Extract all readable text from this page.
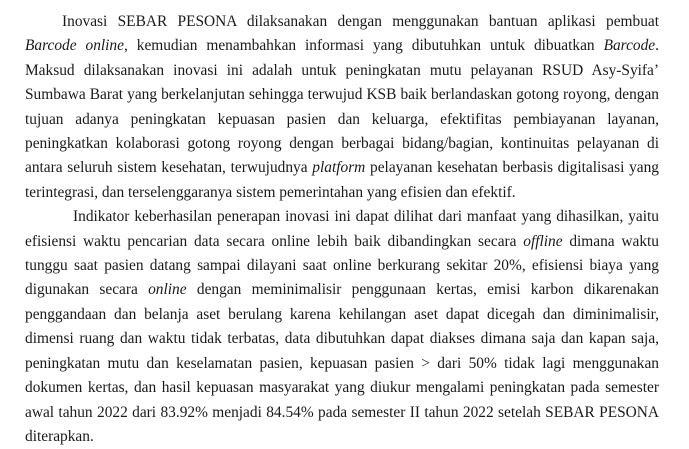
Inovasi SEBAR PESONA dilaksanakan dengan menggunakan bantuan aplikasi pembuat Barcode online, kemudian menambahkan informasi yang dibutuhkan untuk dibuatkan Barcode. Maksud dilaksanakan inovasi ini adalah untuk peningkatan mutu pelayanan RSUD Asy-Syifa’ Sumbawa Barat yang berkelanjutan sehingga terwujud KSB baik berlandaskan gotong royong, dengan tujuan adanya peningkatan kepuasan pasien dan keluarga, efektifitas pembiayanan layanan, peningkatkan kolaborasi gotong royong dengan berbagai bidang/bagian, kontinuitas pelayanan di antara seluruh sistem kesehatan, terwujudnya platform pelayanan kesehatan berbasis digitalisasi yang terintegrasi, dan terselenggaranya sistem pemerintahan yang efisien dan efektif.

Indikator keberhasilan penerapan inovasi ini dapat dilihat dari manfaat yang dihasilkan, yaitu efisiensi waktu pencarian data secara online lebih baik dibandingkan secara offline dimana waktu tunggu saat pasien datang sampai dilayani saat online berkurang sekitar 20%, efisiensi biaya yang digunakan secara online dengan meminimalisir penggunaan kertas, emisi karbon dikarenakan penggandaan dan belanja aset berulang karena kehilangan aset dapat dicegah dan diminimalisir, dimensi ruang dan waktu tidak terbatas, data dibutuhkan dapat diakses dimana saja dan kapan saja, peningkatan mutu dan keselamatan pasien, kepuasan pasien > dari 50% tidak lagi menggunakan dokumen kertas, dan hasil kepuasan masyarakat yang diukur mengalami peningkatan pada semester awal tahun 2022 dari 83.92% menjadi 84.54% pada semester II tahun 2022 setelah SEBAR PESONA diterapkan.
